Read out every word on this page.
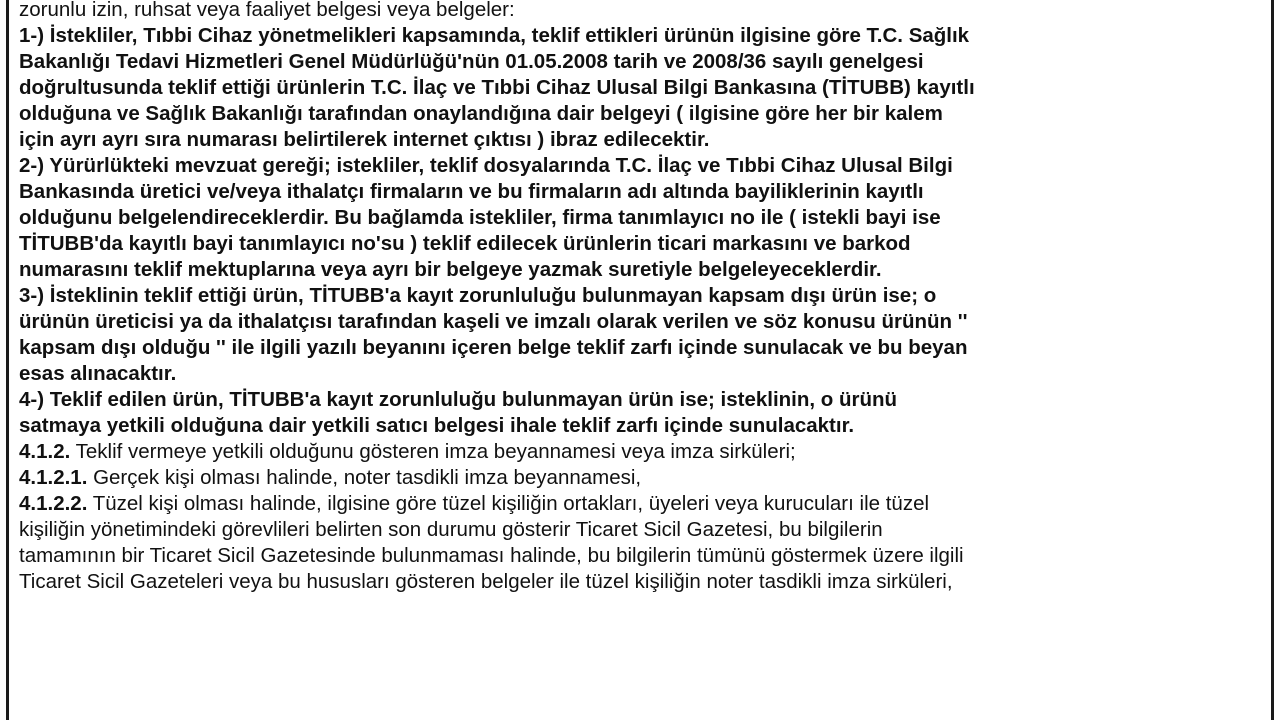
zorunlu izin, ruhsat veya faaliyet belgesi veya belgeler:
1-) İstekliler, Tıbbi Cihaz yönetmelikleri kapsamında, teklif ettikleri ürünün ilgisine göre T.C. Sağlık
Bakanlığı Tedavi Hizmetleri Genel Müdürlüğü'nün 01.05.2008 tarih ve 2008/36 sayılı genelgesi
doğrultusunda teklif ettiği ürünlerin T.C. İlaç ve Tıbbi Cihaz Ulusal Bilgi Bankasına (TİTUBB) kayıtlı
olduğuna ve Sağlık Bakanlığı tarafından onaylandığına dair belgeyi ( ilgisine göre her bir kalem
için ayrı ayrı sıra numarası belirtilerek internet çıktısı ) ibraz edilecektir.
2-) Yürürlükteki mevzuat gereği; istekliler, teklif dosyalarında T.C. İlaç ve Tıbbi Cihaz Ulusal Bilgi
Bankasında üretici ve/veya ithalatçı firmaların ve bu firmaların adı altında bayiliklerinin kayıtlı
olduğunu belgelendireceklerdir. Bu bağlamda istekliler, firma tanımlayıcı no ile ( istekli bayi ise
TİTUBB'da kayıtlı bayi tanımlayıcı no'su ) teklif edilecek ürünlerin ticari markasını ve barkod
numarasını teklif mektuplarına veya ayrı bir belgeye yazmak suretiyle belgeleyeceklerdir.
3-) İsteklinin teklif ettiği ürün, TİTUBB'a kayıt zorunluluğu bulunmayan kapsam dışı ürün ise; o
ürünün üreticisi ya da ithalatçısı tarafından kaşeli ve imzalı olarak verilen ve söz konusu ürünün ''
kapsam dışı olduğu '' ile ilgili yazılı beyanını içeren belge teklif zarfı içinde sunulacak ve bu beyan
esas alınacaktır.
4-) Teklif edilen ürün, TİTUBB'a kayıt zorunluluğu bulunmayan ürün ise; isteklinin, o ürünü
satmaya yetkili olduğuna dair yetkili satıcı belgesi ihale teklif zarfı içinde sunulacaktır.
4.1.2. Teklif vermeye yetkili olduğunu gösteren imza beyannamesi veya imza sirküleri;
4.1.2.1. Gerçek kişi olması halinde, noter tasdikli imza beyannamesi,
4.1.2.2. Tüzel kişi olması halinde, ilgisine göre tüzel kişiliğin ortakları, üyeleri veya kurucuları ile tüzel
kişiliğin yönetimindeki görevlileri belirten son durumu gösterir Ticaret Sicil Gazetesi, bu bilgilerin
tamamının bir Ticaret Sicil Gazetesinde bulunmaması halinde, bu bilgilerin tümünü göstermek üzere ilgili
Ticaret Sicil Gazeteleri veya bu hususları gösteren belgeler ile tüzel kişiliğin noter tasdikli imza sirküleri,
